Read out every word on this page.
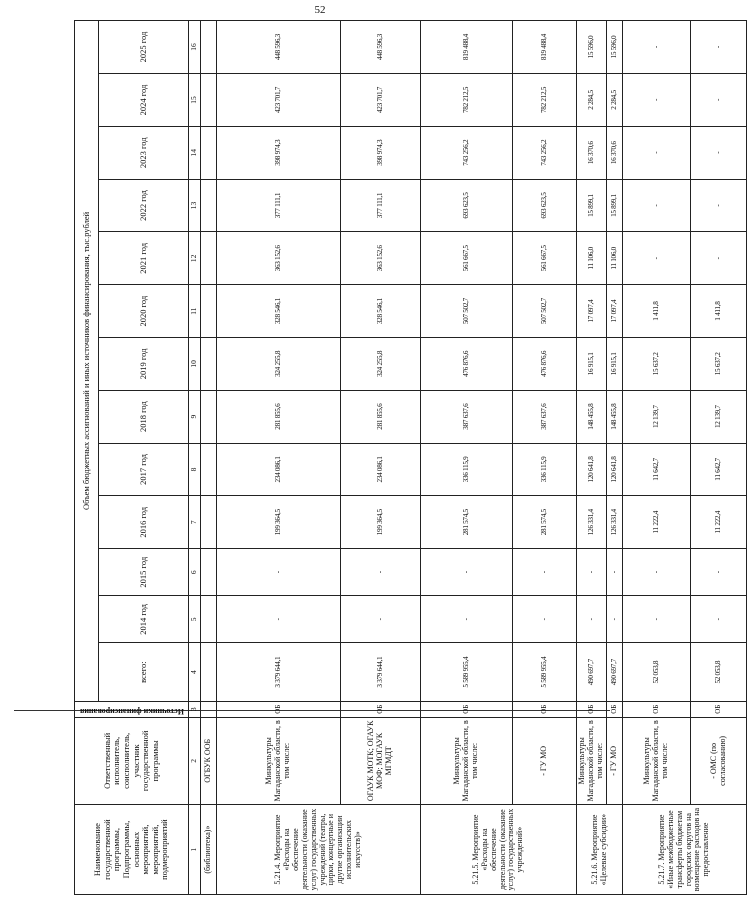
52
Наименование государственной программы, Подпрограммы, основных мероприятий, мероприятий, подмероприятий	Ответственный исполнитель, соисполнитель, участник государственной программы	Источники финансирования	Объем бюджетных ассигнований и иных источников финансирования, тыс.рублей												
			всего:	2014 год	2015 год	2016 год	2017 год	2018 год	2019 год	2020 год	2021 год	2022 год	2023 год	2024 год	2025 год
1	2	3	4	5	6	7	8	9	10	11	12	13	14	15	16
(библиотека)»	ОГБУК ООБ														
5.21.4. Мероприятие «Расходы на обеспечение деятельности (оказание услуг) государственных учреждений (театры, цирки, концертные и другие организации исполнительских искусств)»	Минкультуры Магаданской области, в том числе:	ОБ	3 379 644,1	-	-	199 364,5	234 086,1	281 855,6	324 255,8	328 546,1	363 152,6	377 111,1	398 974,3	423 701,7	448 596,3
	ОГАУК МОТК; ОГАУК МОФ; МОГАУК МГМДТ	ОБ	3 379 644,1	-	-	199 364,5	234 086,1	281 855,6	324 255,8	328 546,1	363 152,6	377 111,1	398 974,3	423 701,7	448 596,3
5.21.5. Мероприятие «Расходы на обеспечение деятельности (оказание услуг) государственных учреждений»	Минкультуры Магаданской области, в том числе:	ОБ	5 589 955,4	-	-	281 574,5	336 115,9	387 637,6	476 876,6	507 502,7	561 667,5	693 623,5	743 256,2	782 212,5	819 488,4
	- ГУ МО	ОБ	5 589 955,4	-	-	281 574,5	336 115,9	387 637,6	476 876,6	507 502,7	561 667,5	693 623,5	743 256,2	782 212,5	819 488,4
5.21.6. Мероприятие «Целевые субсидии»	Минкультуры Магаданской области, в том числе:	ОБ	490 697,7	-	-	126 331,4	120 641,8	148 455,8	16 915,1	17 097,4	11 106,0	15 899,1	16 370,6	2 284,5	15 596,0
	- ГУ МО	ОБ	490 697,7	-	-	126 331,4	120 641,8	148 455,8	16 915,1	17 097,4	11 106,0	15 899,1	16 370,6	2 284,5	15 596,0
5.21.7. Мероприятие «Иные межбюджетные трансферты бюджетам городских округов на возмещение расходов на предоставление	Минкультуры Магаданской области, в том числе:	ОБ	52 053,8	-	-	11 222,4	11 642,7	12 139,7	15 637,2	1 411,8	-	-	-	-	-
	- ОМС (по согласованию)	ОБ	52 053,8	-	-	11 222,4	11 642,7	12 139,7	15 637,2	1 411,8	-	-	-	-	-
